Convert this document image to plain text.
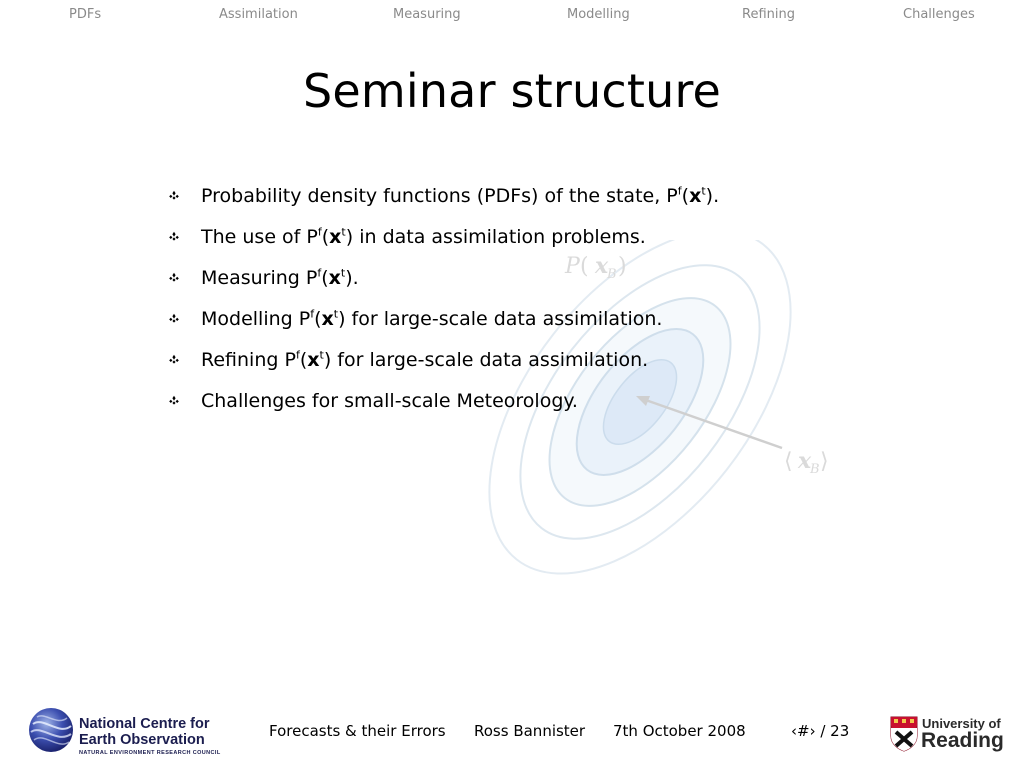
PDFs	Assimilation	Measuring	Modelling	Refining	Challenges
Seminar structure
P ( x
B )
⟨ x
B ⟩
Probability density functions (PDFs) of the state, $P^f(x^t)$.
The use of $P^f(x^t)$ in data assimilation problems.
Measuring $P^f(x^t)$.
Modelling $P^f(x^t)$ for large-scale data assimilation.
Refining $P^f(x^t)$ for large-scale data assimilation.
Challenges for small-scale Meteorology.
National Centre for
Earth Observation
NATURAL ENVIRONMENT RESEARCH COUNCIL
Forecasts & their Errors Ross Bannister 7th October 2008	‹#› / 23	University of
Reading
